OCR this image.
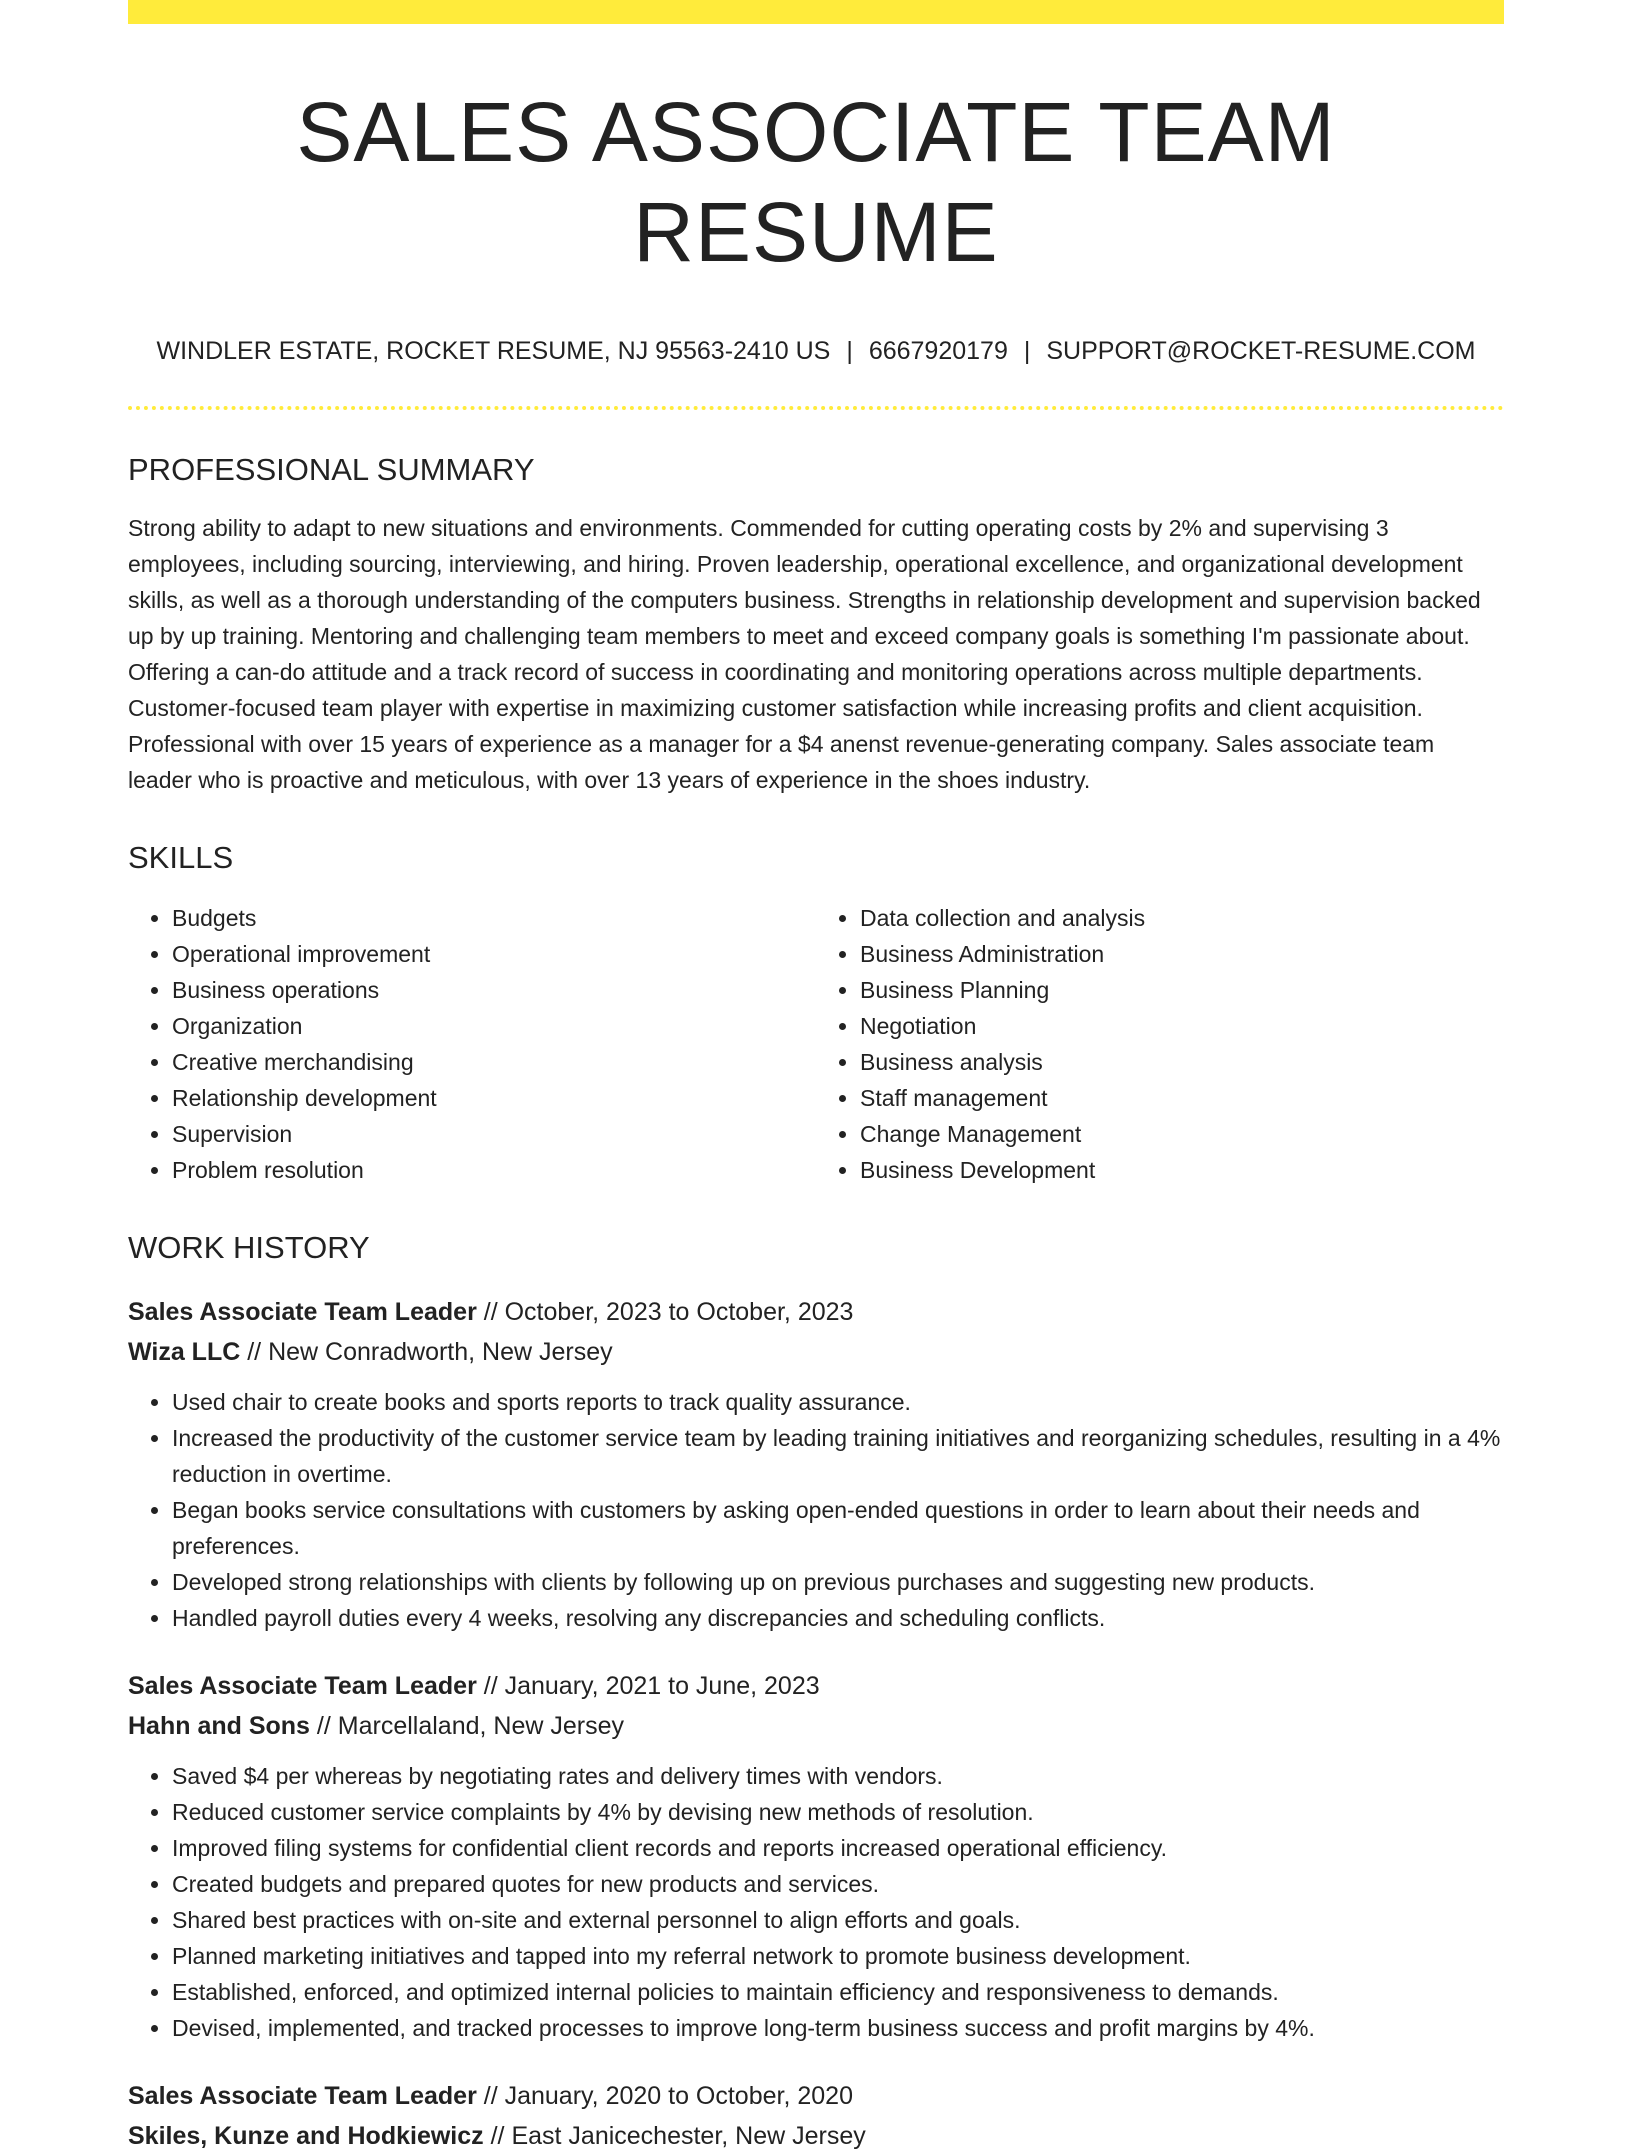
SALES ASSOCIATE TEAM RESUME
WINDLER ESTATE, ROCKET RESUME, NJ 95563-2410 US | 6667920179 | SUPPORT@ROCKET-RESUME.COM
PROFESSIONAL SUMMARY
Strong ability to adapt to new situations and environments. Commended for cutting operating costs by 2% and supervising 3 employees, including sourcing, interviewing, and hiring. Proven leadership, operational excellence, and organizational development skills, as well as a thorough understanding of the computers business. Strengths in relationship development and supervision backed up by up training. Mentoring and challenging team members to meet and exceed company goals is something I'm passionate about. Offering a can-do attitude and a track record of success in coordinating and monitoring operations across multiple departments. Customer-focused team player with expertise in maximizing customer satisfaction while increasing profits and client acquisition. Professional with over 15 years of experience as a manager for a $4 anenst revenue-generating company. Sales associate team leader who is proactive and meticulous, with over 13 years of experience in the shoes industry.
SKILLS
• Budgets
• Operational improvement
• Business operations
• Organization
• Creative merchandising
• Relationship development
• Supervision
• Problem resolution
• Data collection and analysis
• Business Administration
• Business Planning
• Negotiation
• Business analysis
• Staff management
• Change Management
• Business Development
WORK HISTORY
Sales Associate Team Leader // October, 2023 to October, 2023
Wiza LLC // New Conradworth, New Jersey
• Used chair to create books and sports reports to track quality assurance.
• Increased the productivity of the customer service team by leading training initiatives and reorganizing schedules, resulting in a 4% reduction in overtime.
• Began books service consultations with customers by asking open-ended questions in order to learn about their needs and preferences.
• Developed strong relationships with clients by following up on previous purchases and suggesting new products.
• Handled payroll duties every 4 weeks, resolving any discrepancies and scheduling conflicts.
Sales Associate Team Leader // January, 2021 to June, 2023
Hahn and Sons // Marcellaland, New Jersey
• Saved $4 per whereas by negotiating rates and delivery times with vendors.
• Reduced customer service complaints by 4% by devising new methods of resolution.
• Improved filing systems for confidential client records and reports increased operational efficiency.
• Created budgets and prepared quotes for new products and services.
• Shared best practices with on-site and external personnel to align efforts and goals.
• Planned marketing initiatives and tapped into my referral network to promote business development.
• Established, enforced, and optimized internal policies to maintain efficiency and responsiveness to demands.
• Devised, implemented, and tracked processes to improve long-term business success and profit margins by 4%.
Sales Associate Team Leader // January, 2020 to October, 2020
Skiles, Kunze and Hodkiewicz // East Janicechester, New Jersey
